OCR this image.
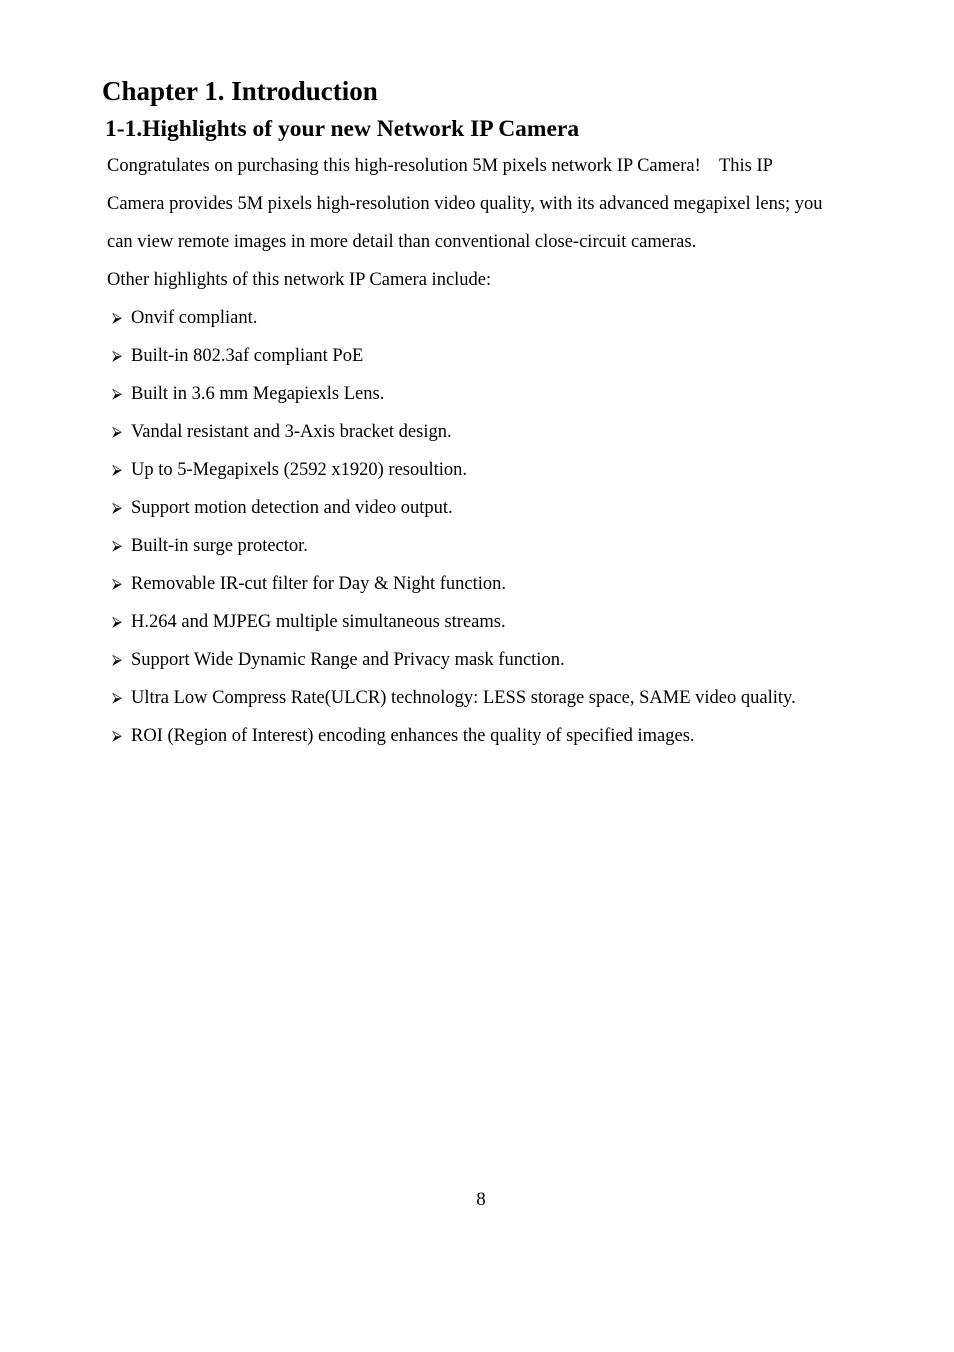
Chapter 1. Introduction
1-1.Highlights of your new Network IP Camera

Congratulates on purchasing this high-resolution 5M pixels network IP Camera!    This IP
Camera provides 5M pixels high-resolution video quality, with its advanced megapixel lens; you
can view remote images in more detail than conventional close-circuit cameras.

Other highlights of this network IP Camera include:

⮚ Onvif compliant.
⮚ Built-in 802.3af compliant PoE
⮚ Built in 3.6 mm Megapiexls Lens.
⮚ Vandal resistant and 3-Axis bracket design.
⮚ Up to 5-Megapixels (2592 x1920) resoultion.
⮚ Support motion detection and video output.
⮚ Built-in surge protector.
⮚ Removable IR-cut filter for Day & Night function.
⮚ H.264 and MJPEG multiple simultaneous streams.
⮚ Support Wide Dynamic Range and Privacy mask function.
⮚ Ultra Low Compress Rate(ULCR) technology: LESS storage space, SAME video quality.
⮚ ROI (Region of Interest) encoding enhances the quality of specified images.
8
